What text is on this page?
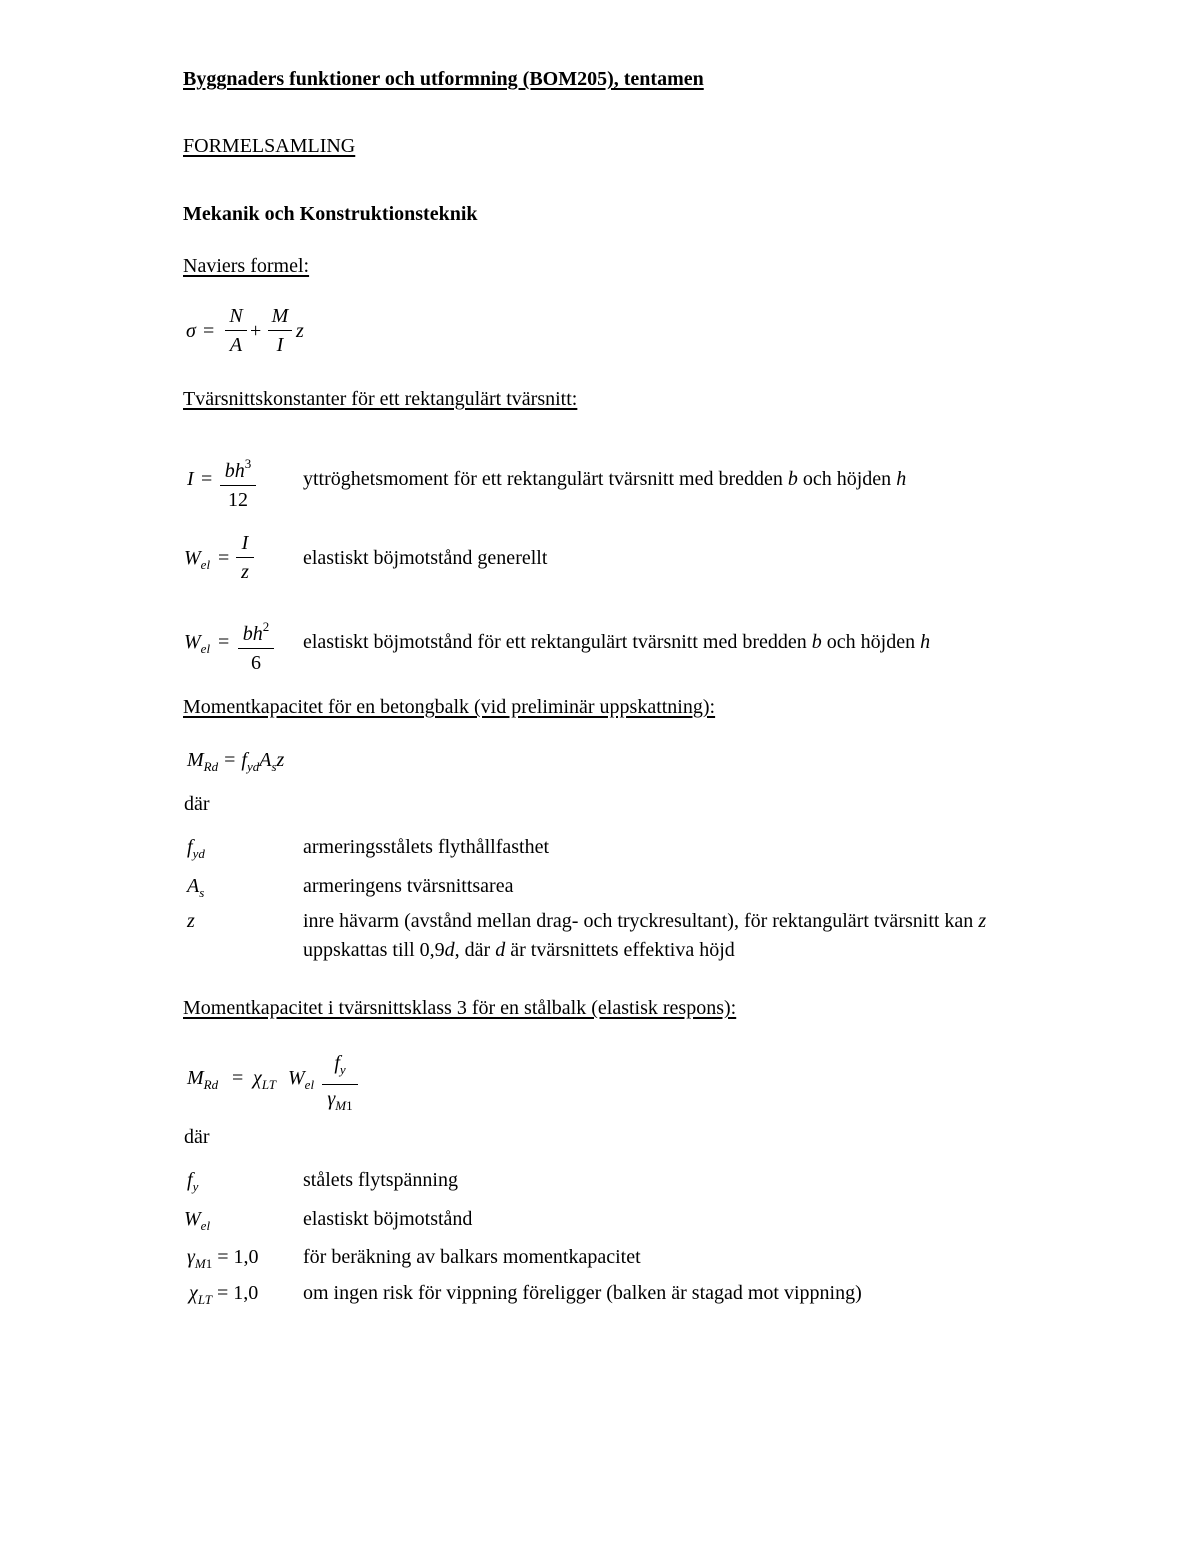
Byggnaders funktioner och utformning (BOM205), tentamen
FORMELSAMLING
Mekanik och Konstruktionsteknik
Naviers formel:
σ =
N
A
+
M
I
z
Tvärsnittskonstanter för ett rektangulärt tvärsnitt:
$I = bh^3$
12
yttröghetsmoment för ett rektangulärt tvärsnitt med bredden b och höjden h
$W_{el}$ =
I
z
elastiskt böjmotstånd generellt
$W_{el} = bh^2$
6
elastiskt böjmotstånd för ett rektangulärt tvärsnitt med bredden b och höjden h
Momentkapacitet för en betongbalk (vid preliminär uppskattning):
$M_{Rd} = f_{yd}A_sz$
där
$f_{yd}$	armeringsstålets flythållfasthet
$A_s$	armeringens tvärsnittsarea
z	inre hävarm (avstånd mellan drag- och tryckresultant), för rektangulärt tvärsnitt kan z
uppskattas till 0,9d, där d är tvärsnittets effektiva höjd
Momentkapacitet i tvärsnittsklass 3 för en stålbalk (elastisk respons):
$M_{Rd} = \chi_{LT}$ $W_{el}$
$f_y$
$\gamma_{M1}$
där
$f_y$	stålets flytspänning
$W_{el}$	elastiskt böjmotstånd
$\gamma_{M1} = 1,0$ för beräkning av balkars momentkapacitet
$\chi_{LT} = 1,0$ om ingen risk för vippning föreligger (balken är stagad mot vippning)
